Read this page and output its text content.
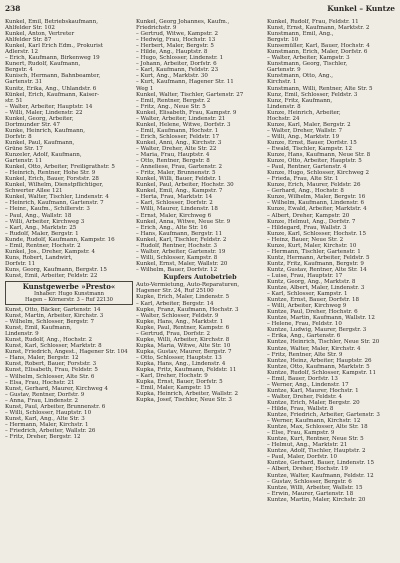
238	Kunkel – Kuntze
Kunkel, Emil, Betriebskaufmann,
Ahlfelder Str. 102
Kunkel, Anton, Vertreter
Ahlfelder Str. 87
Kunkel, Karl Erich Edm., Prokurist
Adlerstr. 12
– Erich, Kaufmann, Birkenweg 19
Kunert, Rudolf, Kaufmann,
Bergstr. 4
Kunisch, Hermann, Bahnbeamter,
Gartenstr. 31
Kunitz, Erika, Ang., Uhlandstr. 6
Künkel, Erich, Kaufmann, Kaiser-
str. 51
– Walter, Arbeiter, Hauptstr. 14
– Willi, Maler, Lindenstr. 22
Kunkel, Georg, Arbeiter,
Dortmunder Str. 47
Kunke, Heinrich, Kaufmann,
Dorfstr. 8
Kunkel, Paul, Kaufmann,
Grüne Str. 17
Kunzeler, Adolf, Kaufmann,
Gartenstr. 11
Kunkel, Otto, Arbeiter, Freiligrathstr. 5
– Heinrich, Rentner, Hohe Str. 9
Kunkel, Erich, Bauer, Forststr. 28
Kunkel, Wilhelm, Dienstpflichtiger,
Schwerter Allee 121
Kunkel, Walter, Tischler, Lindenstr. 4
– Heinrich, Kaufmann, Gartenstr. 7
– Heinr., Kaufm., Schillerstr. 3
– Paul, Ang., Wallstr. 18
– Willi, Arbeiter, Kirchweg 3
– Karl, Ang., Marktstr. 25
– Rudolf, Maler, Bergstr. 1
Kunde, Rudolf, Kaufmann, Kampstr. 16
– Emil, Rentner, Hochstr. 2
Kunkel, Jos., Dreher, Kampstr. 4
Kuns, Robert, Landwirt,
Dorfstr. 11
Kuns, Georg, Kaufmann, Bergstr. 15
Kunst, Emil, Arbeiter, Feldstr. 22
Kunstgewerbe »Presto«
Inhaber: Hugo Kunstmann
Hagen – Körnerstr. 3 – Ruf 22130
Kunst, Otto, Bäcker, Gartenstr. 14
Kunst, Martin, Arbeiter, Kirchstr. 3
– Wilhelm, Schlosser, Bergstr. 7
Kunst, Emil, Kaufmann,
Lindenstr. 9
Kunst, Rudolf, Ang., Hochstr. 2
Kunst, Karl, Schlosser, Marktstr. 8
Kunst, Friedrich, Angest., Hagener Str. 104
– Hans, Maler, Bergstr. 12
Kunst, Robert, Bauer, Forststr. 3
Kunst, Elisabeth, Frau, Feldstr. 5
– Wilhelm, Schlosser, Alte Str. 6
– Elsa, Frau, Hochstr. 21
Kunst, Gerhard, Maurer, Kirchweg 4
– Gustav, Rentner, Dorfstr. 9
– Anna, Frau, Lindenstr. 2
Kunst, Paul, Arbeiter, Brunnenstr. 6
– Willi, Schlosser, Hauptstr. 10
Kunst, Karl, Ang., Alte Str. 3
– Hermann, Maler, Kirchstr. 1
– Friedrich, Arbeiter, Wallstr. 26
– Fritz, Dreher, Bergstr. 12
Kunkel, Georg Johannes, Kaufm.,
Friedrichstr. 9
– Gertrud, Witwe, Kampstr. 2
– Hedwig, Frau, Hochstr. 13
– Herbert, Maler, Bergstr. 5
– Hilde, Ang., Hauptstr. 8
– Hugo, Schlosser, Lindenstr. 1
– Johann, Arbeiter, Dorfstr. 6
– Karl, Kaufmann, Feldstr. 23
– Kurt, Ang., Marktstr. 30
– Kurt, Kaufmann, Hagener Str. 11
Weg 1
Kunkel, Walter, Tischler, Gartenstr. 27
– Emil, Rentner, Bergstr. 2
– Fritz, Ang., Neue Str. 5
Kunkel, Elisabeth, Frau, Kampstr. 9
– Walter, Arbeiter, Lindenstr. 21
Kunkel, Helene, Witwe, Dorfstr. 3
– Emil, Kaufmann, Hochstr. 1
– Erich, Schlosser, Feldstr. 17
Kunkel, Anni, Ang., Kirchstr. 3
– Walter, Dreher, Alte Str. 22
– Maria, Frau, Hauptstr. 4
– Otto, Rentner, Bergstr. 8
– Anneliese, Frau, Gartenstr. 2
– Fritz, Maler, Brunnenstr. 5
Kunkel, Willi, Bauer, Feldstr. 1
Kunkel, Paul, Arbeiter, Hochstr. 30
Kunkel, Emil, Ang., Kampstr. 7
– Herta, Frau, Marktstr. 14
– Karl, Schlosser, Dorfstr. 2
– Willi, Maurer, Lindenstr. 18
– Ernst, Maler, Kirchweg 6
Kunkel, Anna, Witwe, Neue Str. 9
– Erich, Ang., Alte Str. 16
– Hans, Kaufmann, Bergstr. 11
Kunkel, Karl, Tischler, Feldstr. 2
– Rudolf, Rentner, Hochstr. 3
– Walter, Arbeiter, Gartenstr. 19
– Willi, Schlosser, Kampstr. 8
Kunkel, Ernst, Maler, Wallstr. 20
– Wilhelm, Bauer, Dorfstr. 12
Kupfers Autobetrieb
Auto-Vermietung, Auto-Reparaturen,
Hagener Str. 24, Ruf 25100
Kupke, Erich, Maler, Lindenstr. 5
– Karl, Arbeiter, Bergstr. 14
Kupke, Franz, Kaufmann, Hochstr. 3
– Walter, Schlosser, Feldstr. 9
Kupke, Hans, Ang., Marktstr. 1
Kupke, Paul, Rentner, Kampstr. 6
– Gertrud, Frau, Dorfstr. 2
Kupke, Willi, Arbeiter, Kirchstr. 8
Kupka, Maria, Witwe, Alte Str. 10
Kupka, Gustav, Maurer, Bergstr. 7
– Otto, Schlosser, Hauptstr. 13
Kupka, Hans, Ang., Lindenstr. 4
Kupka, Fritz, Kaufmann, Feldstr. 11
– Karl, Dreher, Hochstr. 9
Kupka, Ernst, Bauer, Dorfstr. 5
– Emil, Maler, Kampstr. 15
Kupka, Heinrich, Arbeiter, Wallstr. 2
Kupka, Josef, Tischler, Neue Str. 3
Kunkel, Rudolf, Frau, Feldstr. 11
Kunst, Ernst, Kaufmann, Marktstr. 2
Kunstmann, Emil, Ang.,
Bergstr. 10
Kunsemüller, Karl, Bauer, Hochstr. 4
Kunstmann, Erich, Maler, Dorfstr. 6
– Walter, Arbeiter, Kampstr. 3
Kunstmann, Georg, Tischler,
Gartenstr. 9
Kunstmann, Otto, Ang.,
Kirchstr. 1
Kunstmann, Willi, Rentner, Alte Str. 5
Kunz, Emil, Schlosser, Feldstr. 3
Kunz, Fritz, Kaufmann,
Lindenstr. 8
Kunze, Heinrich, Arbeiter,
Hochstr. 24
Kunze, Karl, Maler, Bergstr. 2
– Walter, Dreher, Wallstr. 7
– Willi, Ang., Marktstr. 19
Kunze, Ernst, Bauer, Dorfstr. 15
– Ewald, Tischler, Kampstr. 12
Kunze, Hans, Kaufmann, Neue Str. 8
Kunze, Otto, Arbeiter, Hauptstr. 5
– Paul, Rentner, Gartenstr. 4
Kunze, Hugo, Schlosser, Kirchweg 2
– Frieda, Frau, Alte Str. 1
Kunze, Erich, Maurer, Feldstr. 26
– Gerhard, Ang., Hochstr. 8
Kunze, Wilhelm, Maler, Bergstr. 16
– Wilhelm, Kaufmann, Lindenstr. 6
Kunze, Ewald, Arbeiter, Marktstr. 4
– Albert, Dreher, Kampstr. 20
Kunze, Helmut, Ang., Dorfstr. 7
– Hildegard, Frau, Wallstr. 3
Kunze, Karl, Schlosser, Hochstr. 15
– Heinz, Bauer, Neue Str. 2
Kunze, Kurt, Maler, Kirchstr. 10
– Hermann, Tischler, Gartenstr. 1
Kuntz, Hermann, Arbeiter, Feldstr. 5
Kuntz, Fritz, Kaufmann, Bergstr. 9
Kuntz, Gustav, Rentner, Alte Str. 14
– Luise, Frau, Hauptstr. 17
Kuntz, Georg, Ang., Marktstr. 8
Kuntze, Albert, Maler, Lindenstr. 3
– Karl, Schlosser, Kampstr. 1
Kuntze, Ernst, Bauer, Dorfstr. 18
– Willi, Arbeiter, Kirchweg 9
Kuntze, Paul, Dreher, Hochstr. 6
Kuntze, Martin, Kaufmann, Wallstr. 12
– Helene, Frau, Feldstr. 10
Kuntze, Ludwig, Maurer, Bergstr. 3
– Erika, Ang., Gartenstr. 6
Kuntze, Heinrich, Tischler, Neue Str. 20
Kuntze, Walter, Maler, Kirchstr. 4
– Fritz, Rentner, Alte Str. 9
Kuntze, Heinz, Arbeiter, Hauptstr. 26
Kuntze, Otto, Kaufmann, Marktstr. 5
Kuntze, Rudolf, Schlosser, Kampstr. 11
– Emil, Bauer, Dorfstr. 13
– Werner, Ang., Lindenstr. 17
Kuntze, Karl, Maurer, Hochstr. 1
– Walter, Dreher, Feldstr. 4
Kuntze, Erich, Maler, Bergstr. 20
– Hilde, Frau, Wallstr. 8
Kuntze, Friedrich, Arbeiter, Gartenstr. 3
– Werner, Kaufmann, Kirchstr. 12
Kuntze, Max, Schlosser, Alte Str. 18
– Else, Frau, Kampstr. 9
Kuntze, Kurt, Rentner, Neue Str. 5
– Helmut, Ang., Marktstr. 21
Kuntze, Adolf, Tischler, Hauptstr. 2
– Paul, Maler, Dorfstr. 10
Kuntze, Gerhard, Bauer, Lindenstr. 15
– Albert, Dreher, Hochstr. 19
Kuntze, Walter, Kaufmann, Feldstr. 12
– Gustav, Schlosser, Bergstr. 6
Kuntze, Willi, Arbeiter, Wallstr. 15
– Erwin, Maurer, Gartenstr. 18
Kuntze, Martin, Maler, Kirchstr. 20
